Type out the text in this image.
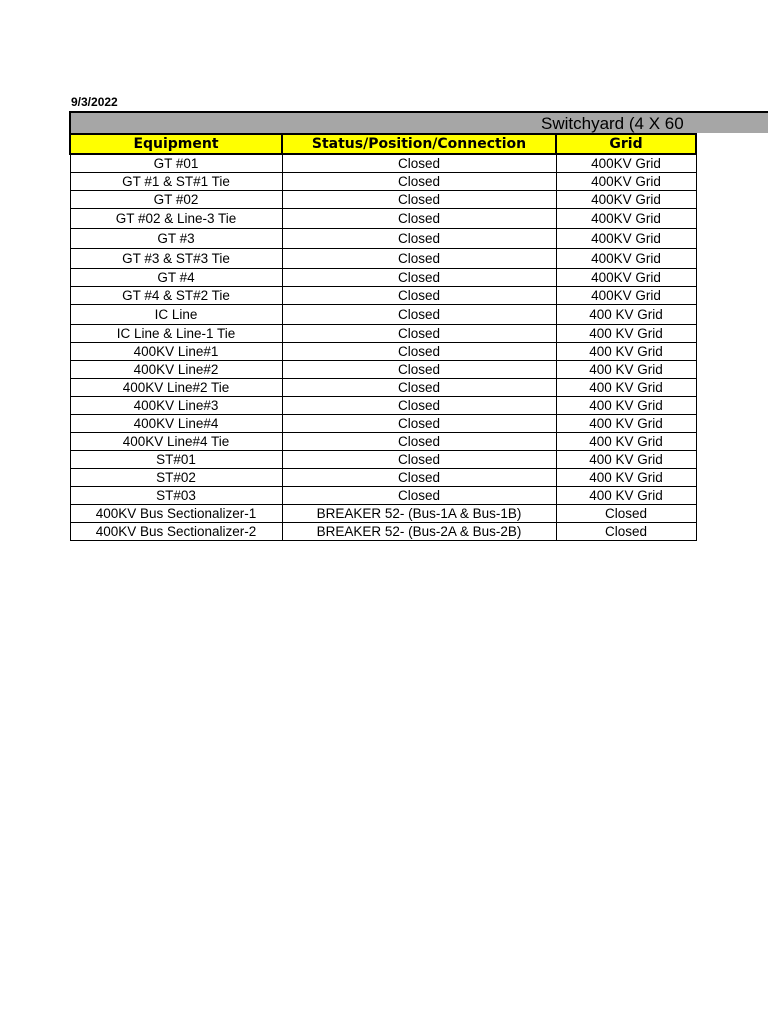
9/3/2022
Switchyard (4 X 60
Equipment	Status/Position/Connection	Grid
GT #01	Closed	400KV Grid
GT #1 & ST#1 Tie	Closed	400KV Grid
GT #02	Closed	400KV Grid
GT #02 & Line-3 Tie	Closed	400KV Grid
GT #3	Closed	400KV Grid
GT #3 & ST#3 Tie	Closed	400KV Grid
GT #4	Closed	400KV Grid
GT #4 & ST#2 Tie	Closed	400KV Grid
IC Line	Closed	400 KV Grid
IC Line & Line-1 Tie	Closed	400 KV Grid
400KV Line#1	Closed	400 KV Grid
400KV Line#2	Closed	400 KV Grid
400KV Line#2 Tie	Closed	400 KV Grid
400KV Line#3	Closed	400 KV Grid
400KV Line#4	Closed	400 KV Grid
400KV Line#4 Tie	Closed	400 KV Grid
ST#01	Closed	400 KV Grid
ST#02	Closed	400 KV Grid
ST#03	Closed	400 KV Grid
400KV Bus Sectionalizer-1	BREAKER 52- (Bus-1A & Bus-1B)	Closed
400KV Bus Sectionalizer-2	BREAKER 52- (Bus-2A & Bus-2B)	Closed
